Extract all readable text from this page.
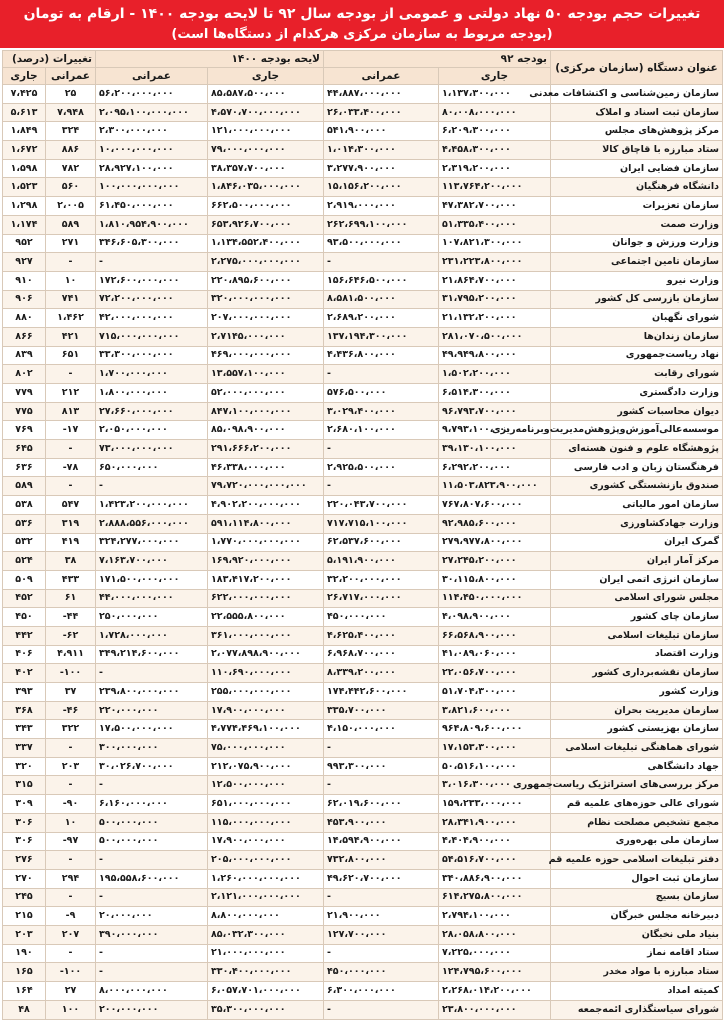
تغییرات حجم بودجه ۵۰ نهاد دولتی و عمومی از بودجه سال ۹۲ تا لایحه بودجه ۱۴۰۰ - ارقام به تومان
(بودجه مربوط به سازمان مرکزی هرکدام از دستگاه‌ها است)
عنوان دستگاه (سازمان مرکزی)	بودجه ۹۲		لایحه بودجه ۱۴۰۰		تغییرات (درصد)	
	جاری	عمرانی	جاری	عمرانی	عمرانی	جاری
سازمان زمین‌شناسی و اکتشافات معدنی	۱،۱۳۷،۳۰۰،۰۰۰	۴۴،۸۸۷،۰۰۰،۰۰۰	۸۵،۵۸۷،۵۰۰،۰۰۰	۵۶،۲۰۰،۰۰۰،۰۰۰	۲۵	۷،۴۲۵
سازمان ثبت اسناد و املاک	۸۰،۰۰۸،۰۰۰،۰۰۰	۲۶،۰۳۳،۴۰۰،۰۰۰	۴،۵۷۰،۷۰۰،۰۰۰،۰۰۰	۲،۰۹۵،۱۰۰،۰۰۰،۰۰۰	۷،۹۴۸	۵،۶۱۳
مرکز پژوهش‌های مجلس	۶،۲۰۹،۳۰۰،۰۰۰	۵۴۱،۹۰۰،۰۰۰	۱۲۱،۰۰۰،۰۰۰،۰۰۰	۲،۳۰۰،۰۰۰،۰۰۰	۳۲۴	۱،۸۴۹
ستاد مبارزه با قاچاق کالا	۴،۴۵۸،۳۰۰،۰۰۰	۱،۰۱۴،۳۰۰،۰۰۰	۷۹،۰۰۰،۰۰۰،۰۰۰	۱۰،۰۰۰،۰۰۰،۰۰۰	۸۸۶	۱،۶۷۲
سازمان فضایی ایران	۲،۳۱۹،۲۰۰،۰۰۰	۳،۲۷۷،۹۰۰،۰۰۰	۳۸،۳۵۷،۷۰۰،۰۰۰	۲۸،۹۲۷،۱۰۰،۰۰۰	۷۸۲	۱،۵۹۸
دانشگاه فرهنگیان	۱۱۳،۷۶۴،۲۰۰،۰۰۰	۱۵،۱۵۶،۲۰۰،۰۰۰	۱،۸۴۶،۰۳۵،۰۰۰،۰۰۰	۱۰۰،۰۰۰،۰۰۰،۰۰۰	۵۶۰	۱،۵۲۳
سازمان تعزیرات	۴۷،۳۸۲،۷۰۰،۰۰۰	۲،۹۱۹،۰۰۰،۰۰۰	۶۶۲،۵۰۰،۰۰۰،۰۰۰	۶۱،۴۵۰،۰۰۰،۰۰۰	۲،۰۰۵	۱،۲۹۸
وزارت صمت	۵۱،۳۳۵،۴۰۰،۰۰۰	۲۶۲،۶۹۹،۱۰۰،۰۰۰	۶۵۳،۹۲۶،۷۰۰،۰۰۰	۱،۸۱۰،۹۵۴،۹۰۰،۰۰۰	۵۸۹	۱،۱۷۴
وزارت ورزش و جوانان	۱۰۷،۸۲۱،۳۰۰،۰۰۰	۹۳،۵۰۰،۰۰۰،۰۰۰	۱،۱۳۴،۵۵۲،۴۰۰،۰۰۰	۳۴۶،۶۰۵،۳۰۰،۰۰۰	۲۷۱	۹۵۲
سازمان تامین اجتماعی	۲۳۱،۲۲۳،۸۰۰،۰۰۰	-	۲،۲۷۵،۰۰۰،۰۰۰،۰۰۰	-	-	۹۲۷
وزارت نیرو	۲۱،۸۶۴،۷۰۰،۰۰۰	۱۵۶،۶۴۶،۵۰۰،۰۰۰	۲۲۰،۸۹۵،۶۰۰،۰۰۰	۱۷۲،۶۰۰،۰۰۰،۰۰۰	۱۰	۹۱۰
سازمان بازرسی کل کشور	۳۱،۷۹۵،۲۰۰،۰۰۰	۸،۵۸۱،۵۰۰،۰۰۰	۳۲۰،۰۰۰،۰۰۰،۰۰۰	۷۲،۲۰۰،۰۰۰،۰۰۰	۷۴۱	۹۰۶
شورای نگهبان	۲۱،۱۳۲،۲۰۰،۰۰۰	۲،۶۸۹،۲۰۰،۰۰۰	۲۰۷،۰۰۰،۰۰۰،۰۰۰	۴۲،۰۰۰،۰۰۰،۰۰۰	۱،۴۶۲	۸۸۰
سازمان زندان‌ها	۲۸۱،۰۷۰،۵۰۰،۰۰۰	۱۳۷،۱۹۴،۳۰۰،۰۰۰	۲،۷۱۴۵،۰۰۰،۰۰۰	۷۱۵،۰۰۰،۰۰۰،۰۰۰	۴۲۱	۸۶۶
نهاد ریاست‌جمهوری	۴۹،۹۴۹،۸۰۰،۰۰۰	۴،۴۳۶،۸۰۰،۰۰۰	۴۶۹،۰۰۰،۰۰۰،۰۰۰	۳۳،۳۰۰،۰۰۰،۰۰۰	۶۵۱	۸۳۹
شورای رقابت	۱،۵۰۲،۲۰۰،۰۰۰	-	۱۳،۵۵۷،۱۰۰،۰۰۰	۱،۷۰۰،۰۰۰،۰۰۰	-	۸۰۲
وزارت دادگستری	۶،۵۱۴،۳۰۰،۰۰۰	۵۷۶،۵۰۰،۰۰۰	۵۲،۰۰۰،۰۰۰،۰۰۰	۱،۸۰۰،۰۰۰،۰۰۰	۲۱۲	۷۷۹
دیوان محاسبات کشور	۹۶،۷۹۳،۷۰۰،۰۰۰	۳،۰۲۹،۴۰۰،۰۰۰	۸۴۷،۱۰۰،۰۰۰،۰۰۰	۲۷،۶۶۰،۰۰۰،۰۰۰	۸۱۳	۷۷۵
موسسه‌عالی‌آموزش‌وپژوهش‌مدیریت‌وبرنامه‌ریزی	۹،۷۹۳،۱۰۰،۰۰۰	۲،۶۸۰،۱۰۰،۰۰۰	۸۵،۰۹۸،۹۰۰،۰۰۰	۲،۰۵۰،۰۰۰،۰۰۰	-۱۷	۷۶۹
پژوهشگاه علوم و فنون هسته‌ای	۳۹،۱۳۰،۱۰۰،۰۰۰	-	۲۹۱،۶۶۶،۲۰۰،۰۰۰	۷۳،۰۰۰،۰۰۰،۰۰۰	-	۶۴۵
فرهنگستان زبان و ادب فارسی	۶،۲۹۲،۲۰۰،۰۰۰	۲،۹۲۵،۵۰۰،۰۰۰	۴۶،۳۳۸،۰۰۰،۰۰۰	۶۵۰،۰۰۰،۰۰۰	-۷۸	۶۳۶
صندوق بازنشستگی کشوری	۱۱،۵۰۳،۸۲۳،۹۰۰،۰۰۰	-	۷۹،۷۲۰،۰۰۰،۰۰۰،۰۰۰	-	-	۵۸۹
سازمان امور مالیاتی	۷۶۷،۸۰۷،۶۰۰،۰۰۰	۲۲۰،۰۴۳،۷۰۰،۰۰۰	۴،۹۰۲،۲۰۰،۰۰۰،۰۰۰	۱،۴۲۳،۲۰۰،۰۰۰،۰۰۰	۵۴۷	۵۳۸
وزارت جهادکشاورزی	۹۲،۹۸۵،۶۰۰،۰۰۰	۷۱۷،۷۱۵،۱۰۰،۰۰۰	۵۹۱،۱۱۴،۸۰۰،۰۰۰	۲،۸۸۸،۵۵۶،۰۰۰،۰۰۰	۳۱۹	۵۳۶
گمرک ایران	۲۷۹،۹۷۷،۸۰۰،۰۰۰	۶۲،۵۳۷،۶۰۰،۰۰۰	۱،۷۷۰،۰۰۰،۰۰۰،۰۰۰	۳۲۴،۲۷۷،۰۰۰،۰۰۰	۴۱۹	۵۳۲
مرکز آمار ایران	۲۷،۲۴۵،۲۰۰،۰۰۰	۵،۱۹۱،۹۰۰،۰۰۰	۱۶۹،۹۲۰،۰۰۰،۰۰۰	۷،۱۶۳،۷۰۰،۰۰۰	۳۸	۵۲۴
سازمان انرژی اتمی ایران	۳۰،۱۱۵،۸۰۰،۰۰۰	۳۲،۲۰۰،۰۰۰،۰۰۰	۱۸۳،۴۱۷،۲۰۰،۰۰۰	۱۷۱،۵۰۰،۰۰۰،۰۰۰	۴۳۳	۵۰۹
مجلس شورای اسلامی	۱۱۴،۴۵۰،۰۰۰،۰۰۰	۲۶،۷۱۷،۰۰۰،۰۰۰	۶۲۲،۰۰۰،۰۰۰،۰۰۰	۴۴،۰۰۰،۰۰۰،۰۰۰	۶۱	۴۵۲
سازمان چای کشور	۴،۰۹۸،۹۰۰،۰۰۰	۴۵۰،۰۰۰،۰۰۰	۲۲،۵۵۵،۸۰۰،۰۰۰	۲۵۰،۰۰۰،۰۰۰	-۴۴	۴۵۰
سازمان تبلیغات اسلامی	۶۶،۵۶۸،۹۰۰،۰۰۰	۴،۶۲۵،۴۰۰،۰۰۰	۳۶۱،۰۰۰،۰۰۰،۰۰۰	۱،۷۲۸،۰۰۰،۰۰۰	-۶۲	۴۴۲
وزارت اقتصاد	۴۱،۰۸۹،۰۶۰،۰۰۰	۶،۹۶۸،۷۰۰،۰۰۰	۲،۰۷۷،۸۹۸،۹۰۰،۰۰۰	۳۴۹،۲۱۴،۶۰۰،۰۰۰	۴،۹۱۱	۴۰۶
سازمان نقشه‌برداری کشور	۲۲،۰۵۶،۷۰۰،۰۰۰	۸،۳۳۹،۲۰۰،۰۰۰	۱۱۰،۶۹۰،۰۰۰،۰۰۰	-	-۱۰۰	۴۰۲
وزارت کشور	۵۱،۷۰۴،۳۰۰،۰۰۰	۱۷۴،۴۴۲،۶۰۰،۰۰۰	۲۵۵،۰۰۰،۰۰۰،۰۰۰	۲۳۹،۸۰۰،۰۰۰،۰۰۰	۳۷	۳۹۳
سازمان مدیریت بحران	۳،۸۲۱،۶۰۰،۰۰۰	۳۳۵،۷۰۰،۰۰۰	۱۷،۹۰۰،۰۰۰،۰۰۰	۲۲۰،۰۰۰،۰۰۰	-۴۶	۳۶۸
سازمان بهزیستی کشور	۹۶۴،۸۰۹،۶۰۰،۰۰۰	۴،۱۵۰،۰۰۰،۰۰۰	۴،۷۷۴،۴۶۹،۱۰۰،۰۰۰	۱۷،۵۰۰،۰۰۰،۰۰۰	۳۲۲	۳۴۳
شورای هماهنگی تبلیغات اسلامی	۱۷،۱۵۳،۳۰۰،۰۰۰	-	۷۵،۰۰۰،۰۰۰،۰۰۰	۳۰۰،۰۰۰،۰۰۰	-	۳۳۷
جهاد دانشگاهی	۵۰،۵۱۶،۱۰۰،۰۰۰	۹۹۳،۳۰۰،۰۰۰	۲۱۲،۰۷۵،۹۰۰،۰۰۰	۳۰،۰۲۶،۷۰۰،۰۰۰	۲۰۳	۳۲۰
مرکز بررسی‌های استراتژیک ریاست‌جمهوری	۳،۰۱۶،۳۰۰،۰۰۰	-	۱۲،۵۰۰،۰۰۰،۰۰۰	-	-	۳۱۵
شورای عالی حوزه‌های علمیه قم	۱۵۹،۲۳۳،۰۰۰،۰۰۰	۶۲،۰۱۹،۶۰۰،۰۰۰	۶۵۱،۰۰۰،۰۰۰،۰۰۰	۶،۱۶۰،۰۰۰،۰۰۰	-۹۰	۳۰۹
مجمع تشخیص مصلحت نظام	۲۸،۳۴۱،۹۰۰،۰۰۰	۴۵۳،۹۰۰،۰۰۰	۱۱۵،۰۰۰،۰۰۰،۰۰۰	۵۰۰،۰۰۰،۰۰۰	۱۰	۳۰۶
سازمان ملی بهره‌وری	۴،۴۰۴،۹۰۰،۰۰۰	۱۴،۵۹۴،۹۰۰،۰۰۰	۱۷،۹۰۰،۰۰۰،۰۰۰	۵۰۰،۰۰۰،۰۰۰	-۹۷	۳۰۶
دفتر تبلیغات اسلامی حوزه علمیه قم	۵۴،۵۱۶،۷۰۰،۰۰۰	۷۳۲،۸۰۰،۰۰۰	۲۰۵،۰۰۰،۰۰۰،۰۰۰	-	-	۲۷۶
سازمان ثبت احوال	۳۴۰،۸۸۶،۹۰۰،۰۰۰	۴۹،۶۲۰،۷۰۰،۰۰۰	۱،۲۶۰،۰۰۰،۰۰۰،۰۰۰	۱۹۵،۵۵۸،۶۰۰،۰۰۰	۲۹۴	۲۷۰
سازمان بسیج	۶۱۴،۲۷۵،۸۰۰،۰۰۰	-	۲،۱۲۱،۰۰۰،۰۰۰،۰۰۰	-	-	۲۴۵
دبیرخانه مجلس خبرگان	۲،۷۹۴،۱۰۰،۰۰۰	۲۱،۹۰۰،۰۰۰	۸،۸۰۰،۰۰۰،۰۰۰	۲۰،۰۰۰،۰۰۰	-۹	۲۱۵
بنیاد ملی نخبگان	۲۸،۰۵۸،۸۰۰،۰۰۰	۱۲۷،۷۰۰،۰۰۰	۸۵،۰۳۲،۳۰۰،۰۰۰	۳۹۰،۰۰۰،۰۰۰	۲۰۷	۲۰۳
ستاد اقامه نماز	۷،۲۲۵،۰۰۰،۰۰۰	-	۲۱،۰۰۰،۰۰۰،۰۰۰	-	-	۱۹۰
ستاد مبارزه با مواد مخدر	۱۲۴،۷۹۵،۶۰۰،۰۰۰	۴۵۰،۰۰۰،۰۰۰	۳۳۰،۴۰۰،۰۰۰،۰۰۰	-	-۱۰۰	۱۶۵
کمیته امداد	۲،۲۶۸،۰۱۴،۲۰۰،۰۰۰	۶،۳۰۰،۰۰۰،۰۰۰	۶،۰۵۷،۷۰۱،۰۰۰،۰۰۰	۸،۰۰۰،۰۰۰،۰۰۰	۲۷	۱۶۴
شورای سیاستگذاری ائمه‌جمعه	۲۳،۸۰۰،۰۰۰،۰۰۰	-	۳۵،۳۰۰،۰۰۰،۰۰۰	۲۰۰،۰۰۰،۰۰۰	۱۰۰	۴۸
